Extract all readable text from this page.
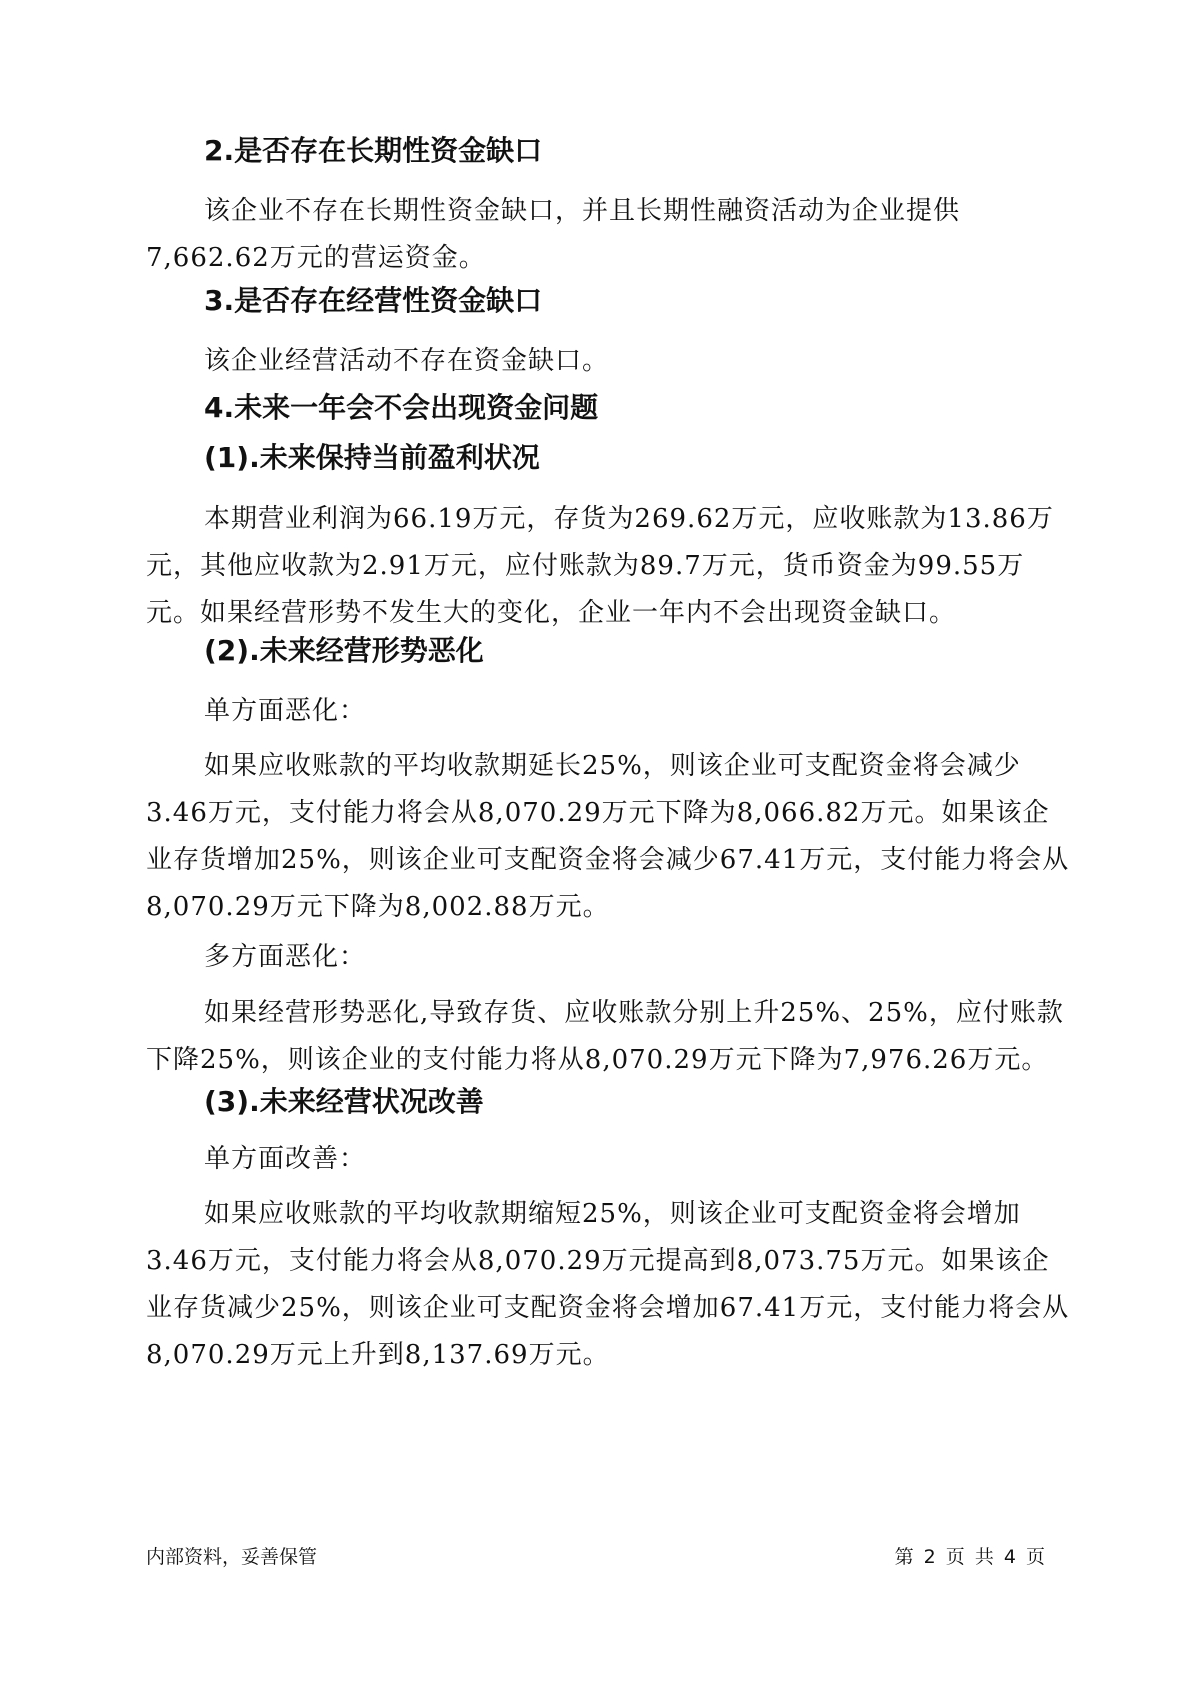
2.是否存在长期性资金缺口

该企业不存在长期性资金缺口，并且长期性融资活动为企业提供7,662.62万元的营运资金。

3.是否存在经营性资金缺口

该企业经营活动不存在资金缺口。

4.未来一年会不会出现资金问题
(1).未来保持当前盈利状况

本期营业利润为66.19万元，存货为269.62万元，应收账款为13.86万元，其他应收款为2.91万元，应付账款为89.7万元，货币资金为99.55万元。如果经营形势不发生大的变化，企业一年内不会出现资金缺口。

(2).未来经营形势恶化

单方面恶化：

如果应收账款的平均收款期延长25%，则该企业可支配资金将会减少3.46万元，支付能力将会从8,070.29万元下降为8,066.82万元。如果该企业存货增加25%，则该企业可支配资金将会减少67.41万元，支付能力将会从8,070.29万元下降为8,002.88万元。

多方面恶化：

如果经营形势恶化,导致存货、应收账款分别上升25%、25%，应付账款下降25%，则该企业的支付能力将从8,070.29万元下降为7,976.26万元。

(3).未来经营状况改善

单方面改善：

如果应收账款的平均收款期缩短25%，则该企业可支配资金将会增加3.46万元，支付能力将会从8,070.29万元提高到8,073.75万元。如果该企业存货减少25%，则该企业可支配资金将会增加67.41万元，支付能力将会从8,070.29万元上升到8,137.69万元。

内部资料，妥善保管	第 2 页 共 4 页
